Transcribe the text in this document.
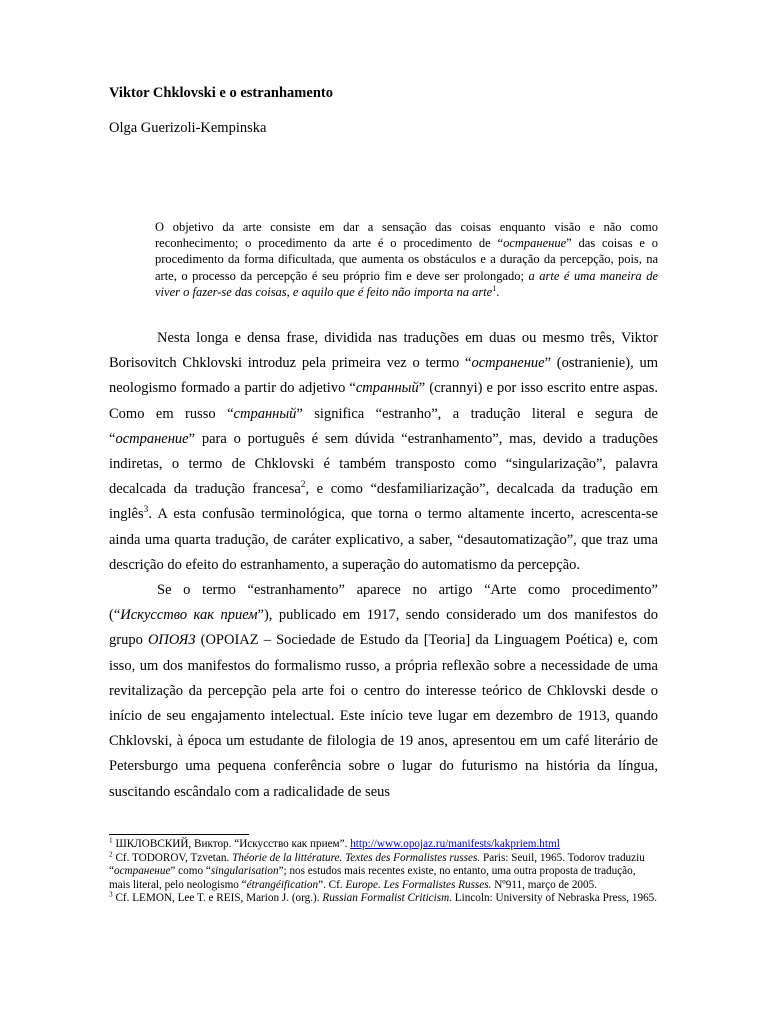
Viktor Chklovski e o estranhamento

Olga Guerizoli-Kempinska

O objetivo da arte consiste em dar a sensação das coisas enquanto visão e não como reconhecimento; o procedimento da arte é o procedimento de “остранение” das coisas e o procedimento da forma dificultada, que aumenta os obstáculos e a duração da percepção, pois, na arte, o processo da percepção é seu próprio fim e deve ser prolongado; a arte é uma maneira de viver o fazer-se das coisas, e aquilo que é feito não importa na arte$^1$.

Nesta longa e densa frase, dividida nas traduções em duas ou mesmo três, Viktor Borisovitch Chklovski introduz pela primeira vez o termo “остранение” (ostranienie), um neologismo formado a partir do adjetivo “странный” (crannyi) e por isso escrito entre aspas. Como em russo “странный” significa “estranho”, a tradução literal e segura de “остранение” para o português é sem dúvida “estranhamento”, mas, devido a traduções indiretas, o termo de Chklovski é também transposto como “singularização”, palavra decalcada da tradução francesa$^2$, e como “desfamiliarização”, decalcada da tradução em inglês$^3$. A esta confusão terminológica, que torna o termo altamente incerto, acrescenta-se ainda uma quarta tradução, de caráter explicativo, a saber, “desautomatização”, que traz uma descrição do efeito do estranhamento, a superação do automatismo da percepção.

Se o termo “estranhamento” aparece no artigo “Arte como procedimento” (“Искусство как прием”), publicado em 1917, sendo considerado um dos manifestos do grupo ОПОЯЗ (OPOIAZ – Sociedade de Estudo da [Teoria] da Linguagem Poética) e, com isso, um dos manifestos do formalismo russo, a própria reflexão sobre a necessidade de uma revitalização da percepção pela arte foi o centro do interesse teórico de Chklovski desde o início de seu engajamento intelectual. Este início teve lugar em dezembro de 1913, quando Chklovski, à época um estudante de filologia de 19 anos, apresentou em um café literário de Petersburgo uma pequena conferência sobre o lugar do futurismo na história da língua, suscitando escândalo com a radicalidade de seus

$^1$ ШКЛОВСКИЙ, Виктор. “Искусство как прием”. http://www.opojaz.ru/manifests/kakpriem.html

$^2$ Cf. TODOROV, Tzvetan. Théorie de la littérature. Textes des Formalistes russes. Paris: Seuil, 1965. Todorov traduziu “остранение” como “singularisation”; nos estudos mais recentes existe, no entanto, uma outra proposta de tradução, mais literal, pelo neologismo “étrangéification”. Cf. Europe. Les Formalistes Russes. Nº911, março de 2005.

$^3$ Cf. LEMON, Lee T. e REIS, Marion J. (org.). Russian Formalist Criticism. Lincoln: University of Nebraska Press, 1965.
